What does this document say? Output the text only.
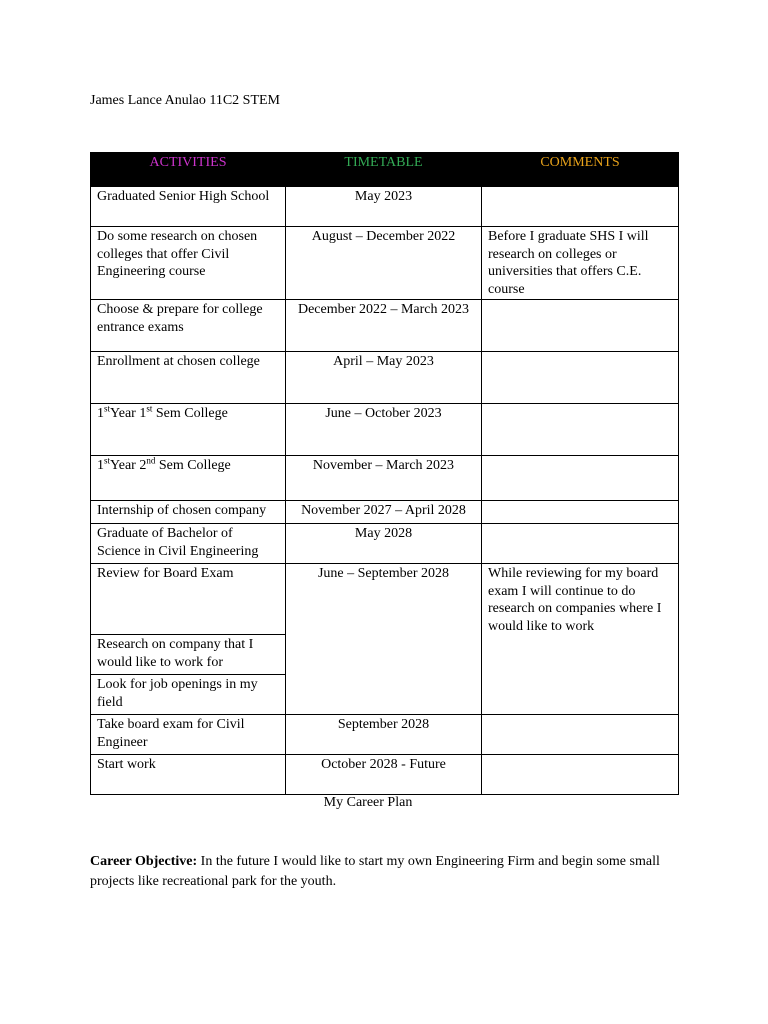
James Lance Anulao 11C2 STEM

ACTIVITIES	TIMETABLE	COMMENTS
Graduated Senior High School	May 2023	
Do some research on chosen colleges that offer Civil Engineering course	August – December 2022	Before I graduate SHS I will research on colleges or universities that offers C.E. course
Choose & prepare for college entrance exams	December 2022 – March 2023	
Enrollment at chosen college	April – May 2023	
1stYear 1st Sem College	June – October 2023	
1stYear 2nd Sem College	November – March 2023	
Internship of chosen company	November 2027 – April 2028	
Graduate of Bachelor of Science in Civil Engineering	May 2028	
Review for Board Exam	June – September 2028	While reviewing for my board exam I will continue to do research on companies where I would like to work
Research on company that I would like to work for		
Look for job openings in my field		
Take board exam for Civil Engineer	September 2028	
Start work	October 2028 - Future	
My Career Plan
Career Objective: In the future I would like to start my own Engineering Firm and begin some small projects like recreational park for the youth.
